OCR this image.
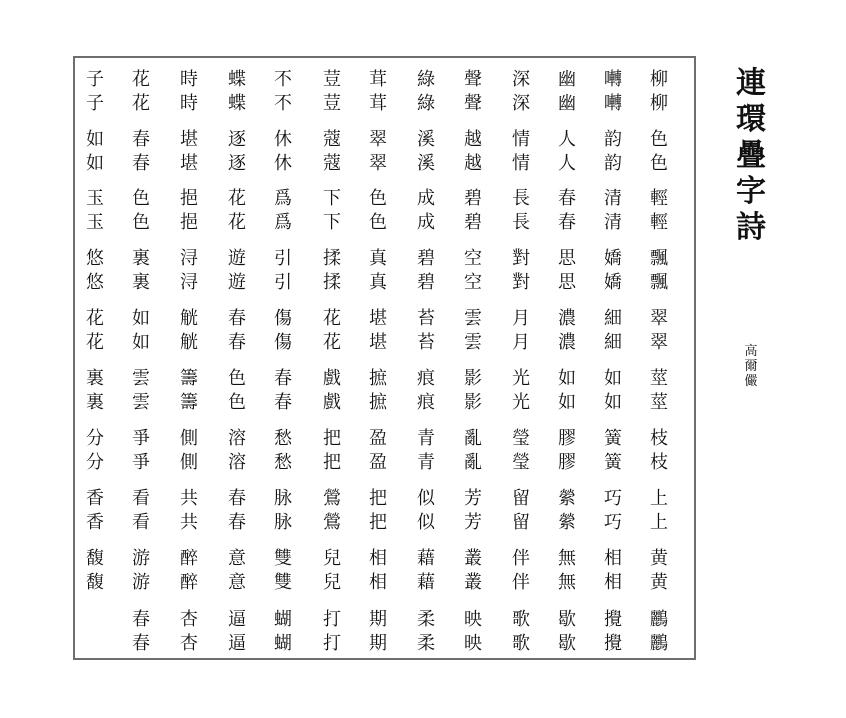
柳
柳
色
色
輕
輕
飄
飄
翠
翠
莖
莖
枝
枝
上
上
黄
黄
鸝
鸝
囀
囀
韵
韵
清
清
嬌
嬌
細
細
如
如
簧
簧
巧
巧
相
相
攪
攪
幽
幽
人
人
春
春
思
思
濃
濃
如
如
膠
膠
縈
縈
無
無
歇
歇
深
深
情
情
長
長
對
對
月
月
光
光
瑩
瑩
留
留
伴
伴
歌
歌
聲
聲
越
越
碧
碧
空
空
雲
雲
影
影
亂
亂
芳
芳
叢
叢
映
映
綠
綠
溪
溪
成
成
碧
碧
苔
苔
痕
痕
青
青
似
似
藉
藉
柔
柔
茸
茸
翠
翠
色
色
真
真
堪
堪
摭
摭
盈
盈
把
把
相
相
期
期
荳
荳
蔻
蔻
下
下
揉
揉
花
花
戲
戲
把
把
鶯
鶯
兒
兒
打
打
不
不
休
休
爲
爲
引
引
傷
傷
春
春
愁
愁
脉
脉
雙
雙
蝴
蝴
蝶
蝶
逐
逐
花
花
遊
遊
春
春
色
色
溶
溶
春
春
意
意
逼
逼
時
時
堪
堪
挹
挹
浔
浔
觥
觥
籌
籌
側
側
共
共
醉
醉
杏
杏
花
花
春
春
色
色
裏
裏
如
如
雲
雲
爭
爭
看
看
游
游
春
春
子
子
如
如
玉
玉
悠
悠
花
花
裏
裏
分
分
香
香
馥
馥
連
環
疊
字
詩
高
爾
儼
